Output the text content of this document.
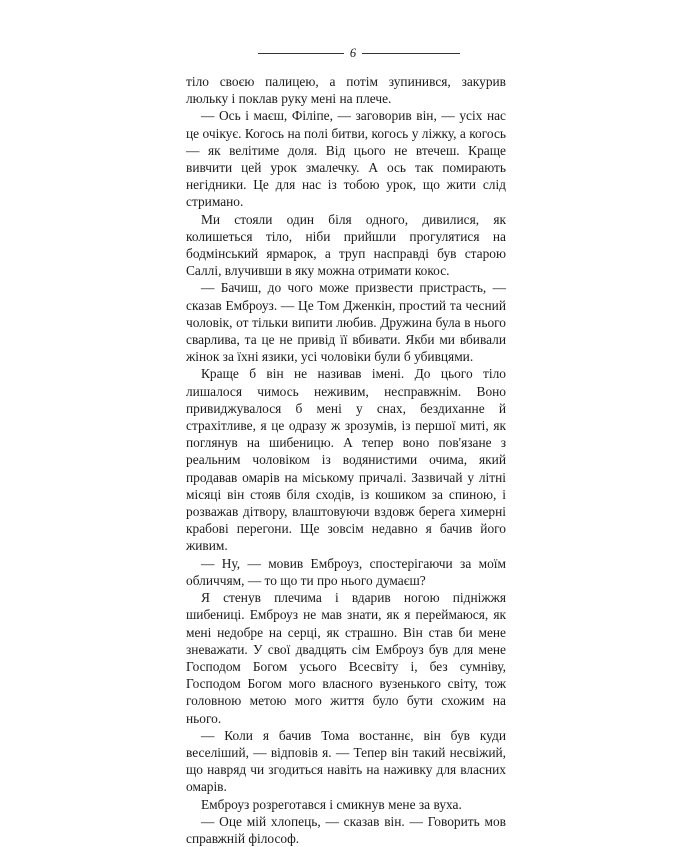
6

тіло своєю палицею, а потім зупинився, закурив люльку і поклав руку мені на плече.

— Ось і маєш, Філіпе, — заговорив він, — усіх нас це очікує. Когось на полі битви, когось у ліжку, а когось — як велітиме доля. Від цього не втечеш. Краще вивчити цей урок змалечку. А ось так помирають негідники. Це для нас із тобою урок, що жити слід стримано.

Ми стояли один біля одного, дивилися, як колишеться тіло, ніби прийшли прогулятися на бодмінський ярмарок, а труп насправді був старою Саллі, влучивши в яку можна отримати кокос.

— Бачиш, до чого може призвести пристрасть, — сказав Емброуз. — Це Том Дженкін, простий та чесний чоловік, от тільки випити любив. Дружина була в нього сварлива, та це не привід її вбивати. Якби ми вбивали жінок за їхні язики, усі чоловіки були б убивцями.

Краще б він не називав імені. До цього тіло лишалося чимось неживим, несправжнім. Воно привиджувалося б мені у снах, бездиханне й страхітливе, я це одразу ж зрозумів, із першої миті, як поглянув на шибеницю. А тепер воно пов'язане з реальним чоловіком із водянистими очима, який продавав омарів на міському причалі. Зазвичай у літні місяці він стояв біля сходів, із кошиком за спиною, і розважав дітвору, влаштовуючи вздовж берега химерні крабові перегони. Ще зовсім недавно я бачив його живим.

— Ну, — мовив Емброуз, спостерігаючи за моїм обличчям, — то що ти про нього думаєш?

Я стенув плечима і вдарив ногою підніжжя шибениці. Емброуз не мав знати, як я переймаюся, як мені недобре на серці, як страшно. Він став би мене зневажати. У свої двадцять сім Емброуз був для мене Господом Богом усього Всесвіту і, без сумніву, Господом Богом мого власного вузенького світу, тож головною метою мого життя було бути схожим на нього.

— Коли я бачив Тома востаннє, він був куди веселіший, — відповів я. — Тепер він такий несвіжий, що навряд чи згодиться навіть на наживку для власних омарів.

Емброуз розреготався і смикнув мене за вуха.

— Оце мій хлопець, — сказав він. — Говорить мов справжній філософ.
